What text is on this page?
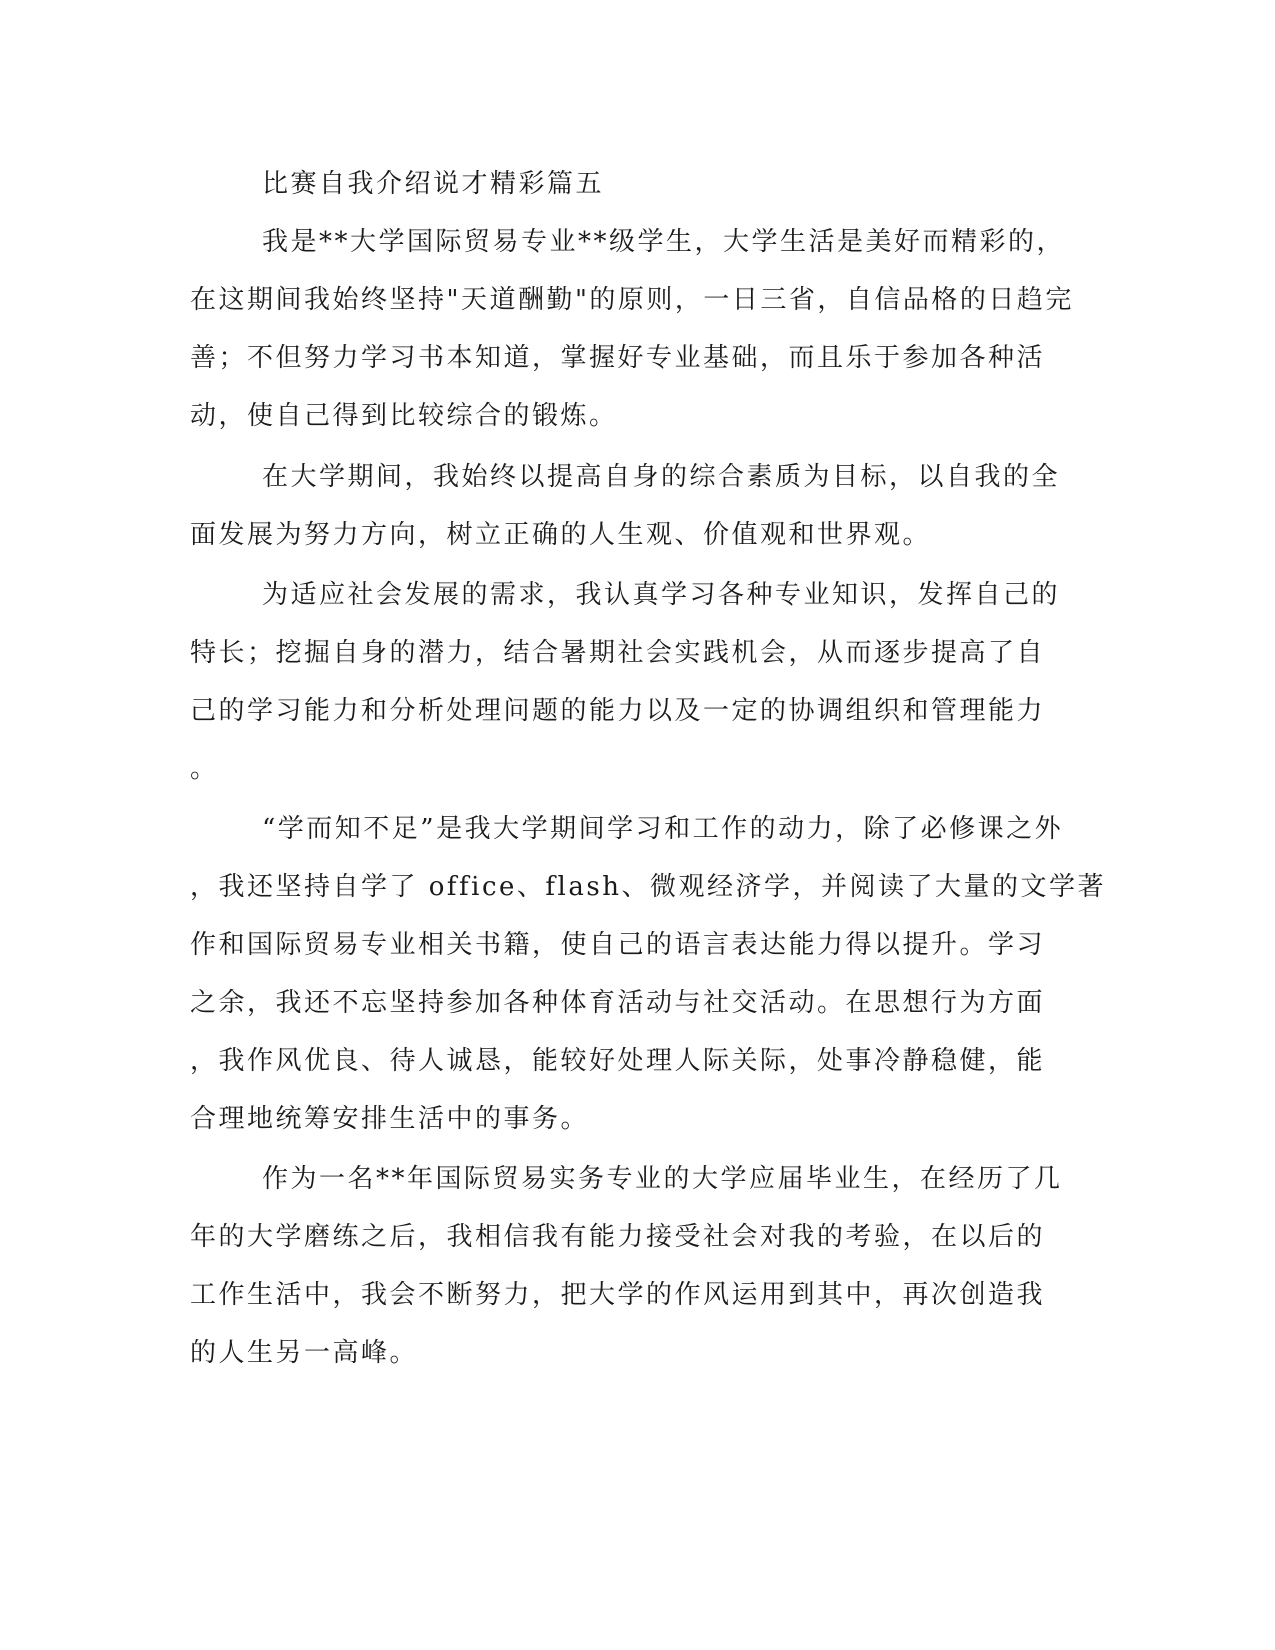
比赛自我介绍说才精彩篇五
我是**大学国际贸易专业**级学生，大学生活是美好而精彩的，
在这期间我始终坚持"天道酬勤"的原则，一日三省，自信品格的日趋完
善；不但努力学习书本知道，掌握好专业基础，而且乐于参加各种活
动，使自己得到比较综合的锻炼。
在大学期间，我始终以提高自身的综合素质为目标，以自我的全
面发展为努力方向，树立正确的人生观、价值观和世界观。
为适应社会发展的需求，我认真学习各种专业知识，发挥自己的
特长；挖掘自身的潜力，结合暑期社会实践机会，从而逐步提高了自
己的学习能力和分析处理问题的能力以及一定的协调组织和管理能力
。
“学而知不足”是我大学期间学习和工作的动力，除了必修课之外
，我还坚持自学了 office、flash、微观经济学，并阅读了大量的文学著
作和国际贸易专业相关书籍，使自己的语言表达能力得以提升。学习
之余，我还不忘坚持参加各种体育活动与社交活动。在思想行为方面
，我作风优良、待人诚恳，能较好处理人际关际，处事冷静稳健，能
合理地统筹安排生活中的事务。
作为一名**年国际贸易实务专业的大学应届毕业生，在经历了几
年的大学磨练之后，我相信我有能力接受社会对我的考验，在以后的
工作生活中，我会不断努力，把大学的作风运用到其中，再次创造我
的人生另一高峰。
